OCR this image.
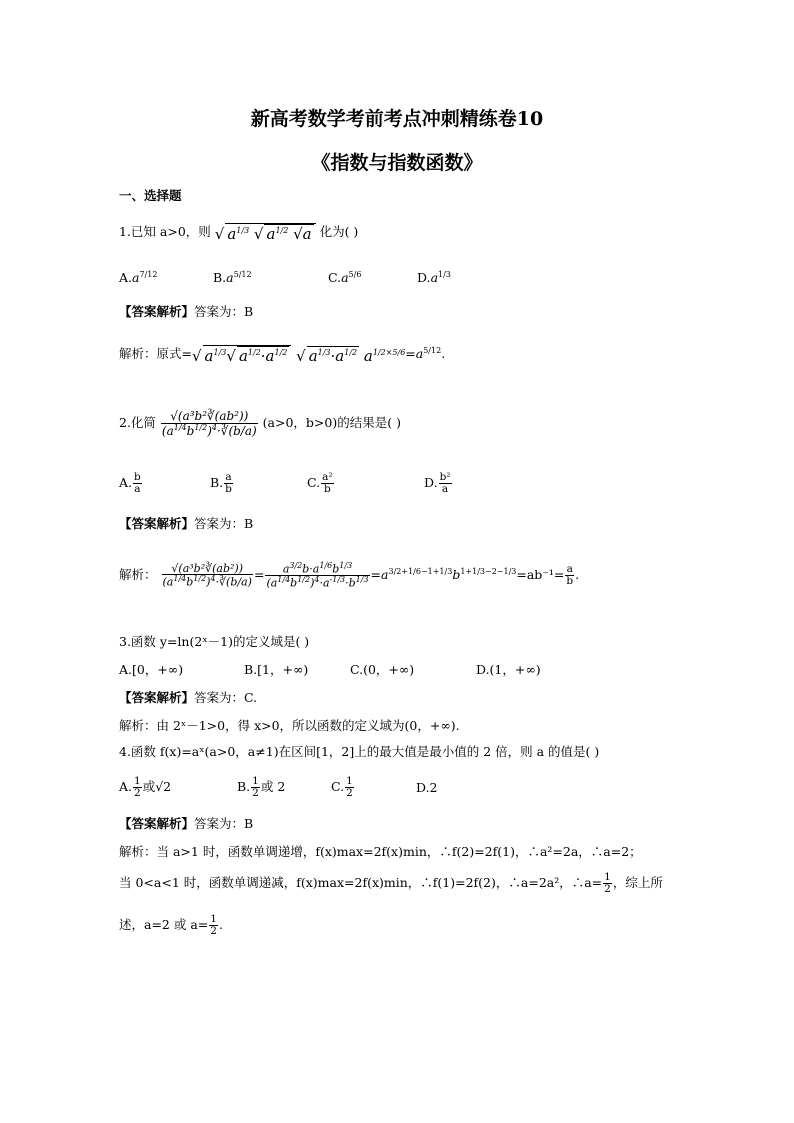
新高考数学考前考点冲刺精练卷10
《指数与指数函数》
一、选择题
1.已知 a>0，则 √ $a^{1/3}$ √ $a^{1/2}$ √a 化为( )
$A.a^{7/12}$	$B.a^{5/12}$	$C.a^{5/6}$	$D.a^{1/3}$
【答案解析】答案为：B
解析：原式=√ $a^{1/3}√$ $a^{1/2}\cdot a^{1/2}$ √ $a^{1/3}\cdot a^{1/2}$ $a^{1/2\times 5/6}=a^{5/12}$.
2.化简 $\frac{\text{√(a³b²∛(ab²))}}{(a^{1/4}b^{1/2})^4\cdot∛(b/a)} (a>0$，b>0)的结果是( )
A. $\frac{b}{a}$	B. $\frac{a}{b}$	C. $\frac{\text{a²}}{b}$	D. $\frac{\text{b²}}{a}$
【答案解析】答案为：B
解析： $\frac{\text{√(a³b²∛(ab²))}}{(a^{1/4}b^{1/2})^4\cdot∛(b/a)} = \frac{a^{3/2}b\cdot a^{1/6}b^{1/3}}{(a^{1/4}b^{1/2})^4\cdot a^{-1/3}\cdot b^{1/3}} =a^{3/2+1/6-1+1/3}b^{1+1/3-2-1/3}=ab^{-1}= \frac{a}{b}$ .
3.函数 y=ln(2ˣ－1)的定义域是( )
A.[0，+∞)	B.[1，+∞)	C.(0，+∞)	D.(1，+∞)
【答案解析】答案为：C.
解析：由 2ˣ－1>0，得 x>0，所以函数的定义域为(0，+∞).
4.函数 f(x)=aˣ(a>0，a≠1)在区间[1，2]上的最大值是最小值的 2 倍，则 a 的值是( )
A. $\frac{1}{2}$ 或√2	B. $\frac{1}{2}$ 或 2	C. $\frac{1}{2}$	D.2
【答案解析】答案为：B
解析：当 a>1 时，函数单调递增，f(x)max=2f(x)min，∴f(2)=2f(1)，∴a²=2a，∴a=2；
当 0<a<1 时，函数单调递减，f(x)max=2f(x)min，∴f(1)=2f(2)，∴a=2a²，∴a= $\frac{1}{2}$ ，综上所
述，a=2 或 $a= \frac{1}{2}$ .
